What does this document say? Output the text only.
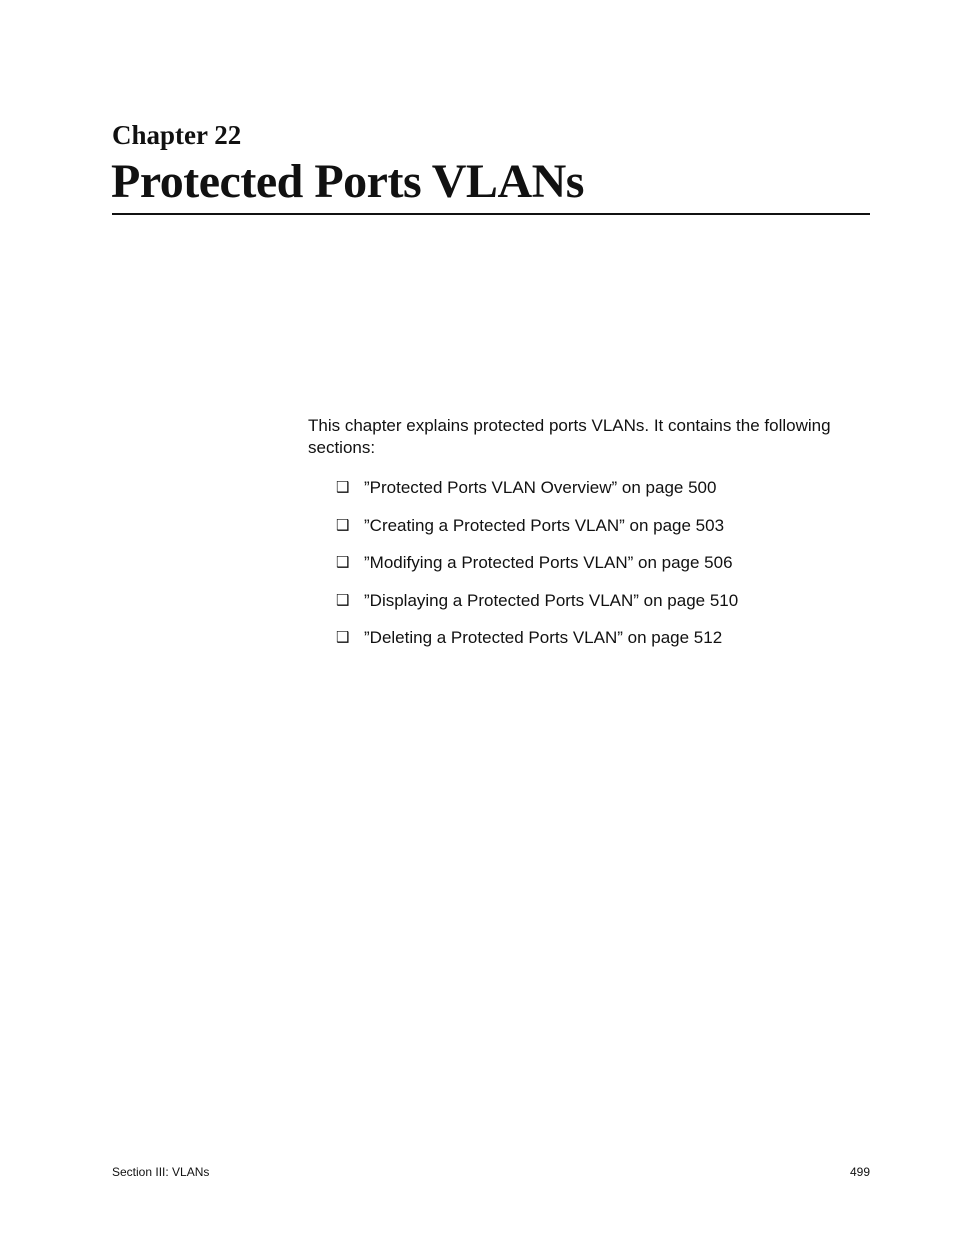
Chapter 22
Protected Ports VLANs

This chapter explains protected ports VLANs. It contains the following sections:

❑ ”Protected Ports VLAN Overview” on page 500
❑ ”Creating a Protected Ports VLAN” on page 503
❑ ”Modifying a Protected Ports VLAN” on page 506
❑ ”Displaying a Protected Ports VLAN” on page 510
❑ ”Deleting a Protected Ports VLAN” on page 512
Section III: VLANs	499
